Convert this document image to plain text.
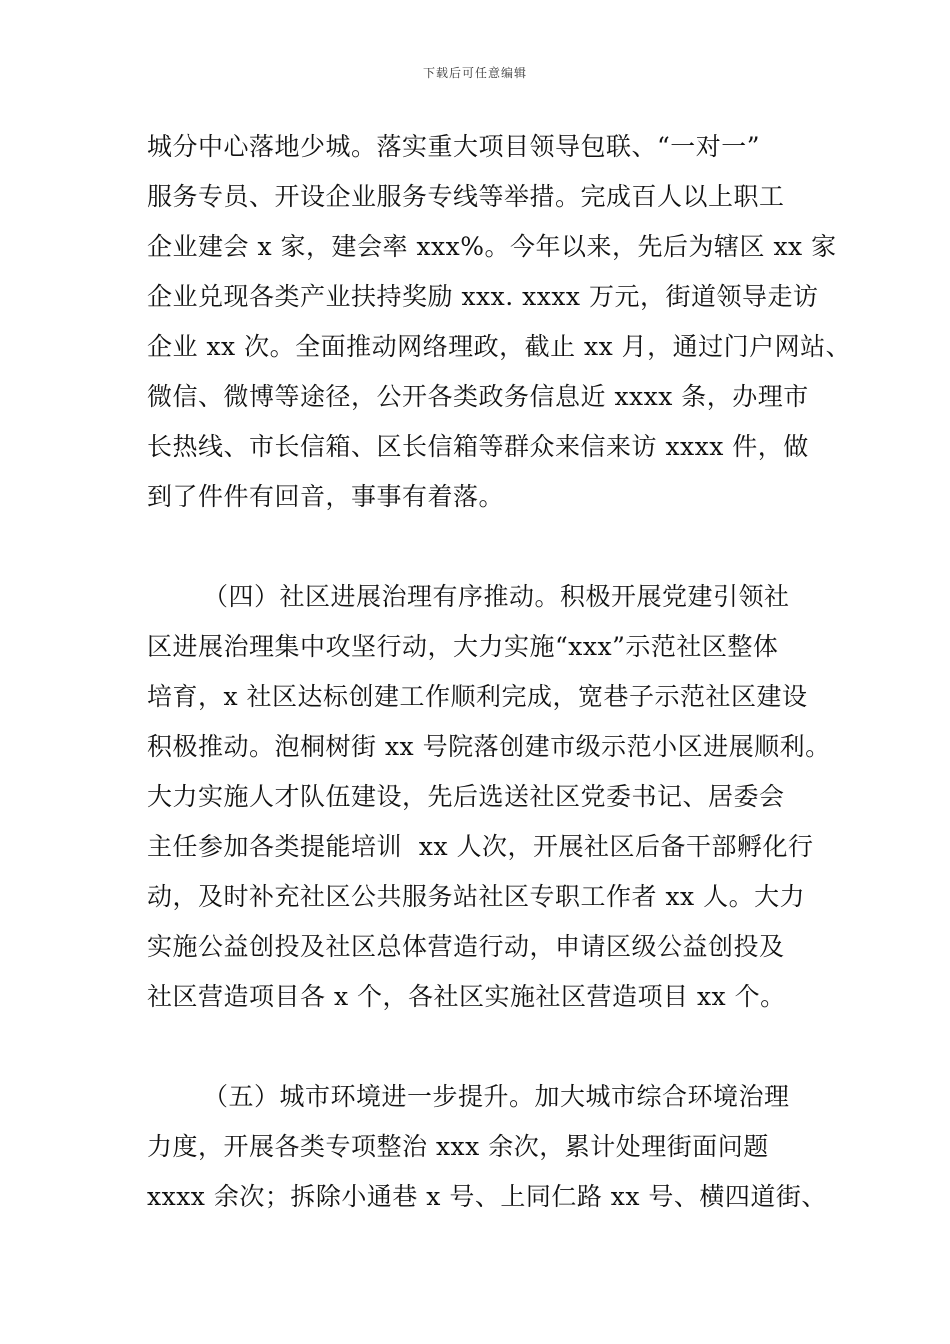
下载后可任意编辑
城分中心落地少城。落实重大项目领导包联、“一对一”
服务专员、开设企业服务专线等举措。完成百人以上职工
企业建会 x 家，建会率 xxx%。今年以来，先后为辖区 xx 家
企业兑现各类产业扶持奖励 xxx. xxxx 万元，街道领导走访
企业 xx 次。全面推动网络理政，截止 xx 月，通过门户网站、
微信、微博等途径，公开各类政务信息近 xxxx 条，办理市
长热线、市长信箱、区长信箱等群众来信来访 xxxx 件，做
到了件件有回音，事事有着落。
（四）社区进展治理有序推动。积极开展党建引领社
区进展治理集中攻坚行动，大力实施“xxx”示范社区整体
培育，x 社区达标创建工作顺利完成，宽巷子示范社区建设
积极推动。泡桐树街 xx 号院落创建市级示范小区进展顺利。
大力实施人才队伍建设，先后选送社区党委书记、居委会
主任参加各类提能培训  xx 人次，开展社区后备干部孵化行
动，及时补充社区公共服务站社区专职工作者 xx 人。大力
实施公益创投及社区总体营造行动，申请区级公益创投及
社区营造项目各 x 个，各社区实施社区营造项目 xx 个。
（五）城市环境进一步提升。加大城市综合环境治理
力度，开展各类专项整治 xxx 余次，累计处理街面问题
xxxx 余次；拆除小通巷 x 号、上同仁路 xx 号、横四道街、
